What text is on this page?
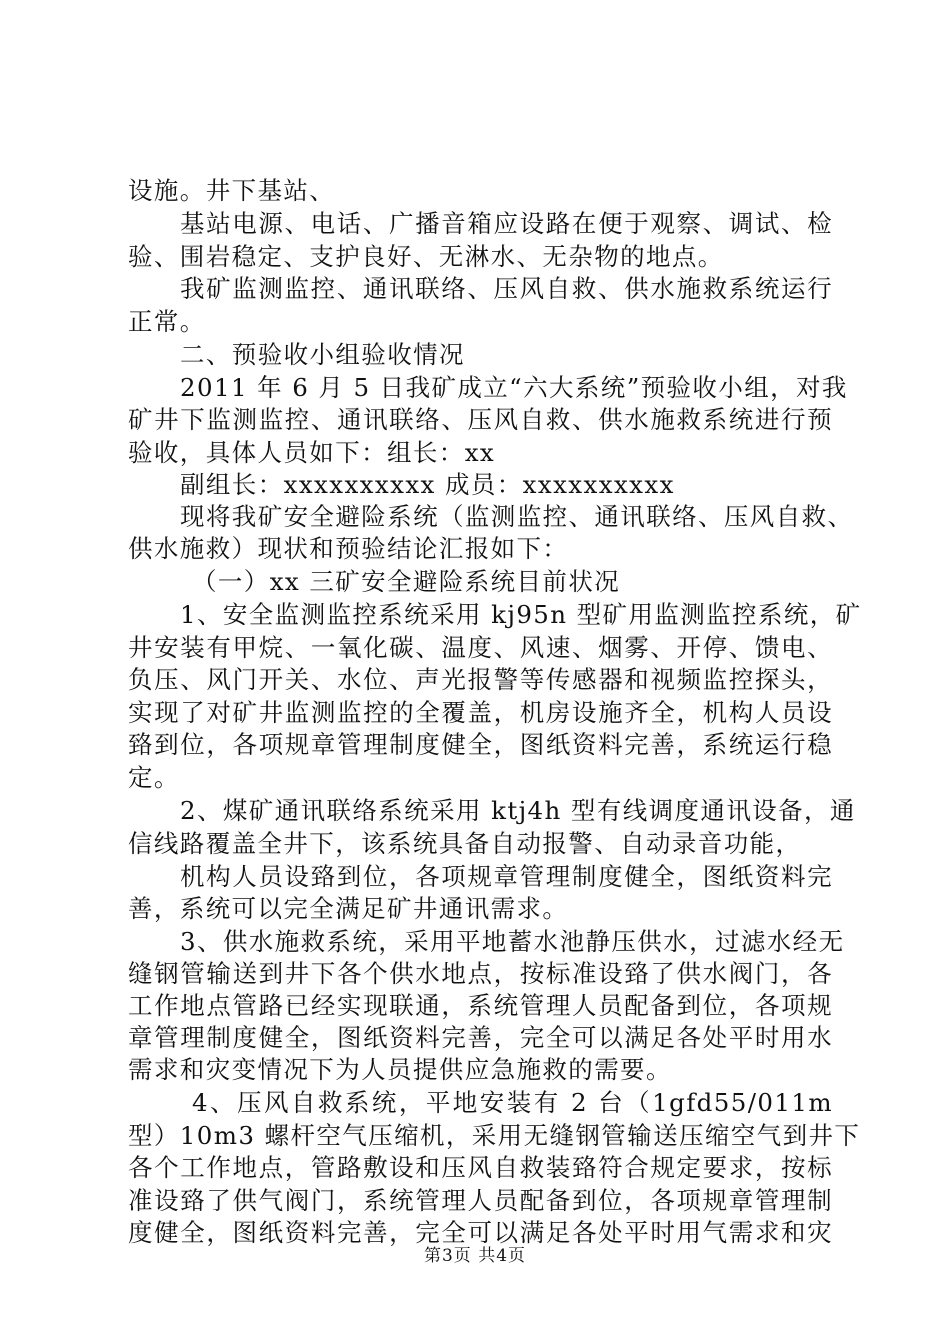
设施。井下基站、
基站电源、电话、广播音箱应设路在便于观察、调试、检
验、围岩稳定、支护良好、无淋水、无杂物的地点。
我矿监测监控、通讯联络、压风自救、供水施救系统运行
正常。
二、预验收小组验收情况
2011 年 6 月 5 日我矿成立“六大系统”预验收小组，对我
矿井下监测监控、通讯联络、压风自救、供水施救系统进行预
验收，具体人员如下：组长：xx
副组长：xxxxxxxxxx 成员：xxxxxxxxxx
现将我矿安全避险系统（监测监控、通讯联络、压风自救、
供水施救）现状和预验结论汇报如下：
（一）xx 三矿安全避险系统目前状况
1、安全监测监控系统采用 kj95n 型矿用监测监控系统，矿
井安装有甲烷、一氧化碳、温度、风速、烟雾、开停、馈电、
负压、风门开关、水位、声光报警等传感器和视频监控探头，
实现了对矿井监测监控的全覆盖，机房设施齐全，机构人员设
臵到位，各项规章管理制度健全，图纸资料完善，系统运行稳
定。
2、煤矿通讯联络系统采用 ktj4h 型有线调度通讯设备，通
信线路覆盖全井下，该系统具备自动报警、自动录音功能，
机构人员设臵到位，各项规章管理制度健全，图纸资料完
善，系统可以完全满足矿井通讯需求。
3、供水施救系统，采用平地蓄水池静压供水，过滤水经无
缝钢管输送到井下各个供水地点，按标准设臵了供水阀门，各
工作地点管路已经实现联通，系统管理人员配备到位，各项规
章管理制度健全，图纸资料完善，完全可以满足各处平时用水
需求和灾变情况下为人员提供应急施救的需要。
4、压风自救系统，平地安装有 2 台（1gfd55/011m
型）10m3 螺杆空气压缩机，采用无缝钢管输送压缩空气到井下
各个工作地点，管路敷设和压风自救装臵符合规定要求，按标
准设臵了供气阀门，系统管理人员配备到位，各项规章管理制
度健全，图纸资料完善，完全可以满足各处平时用气需求和灾
第3页 共4页
